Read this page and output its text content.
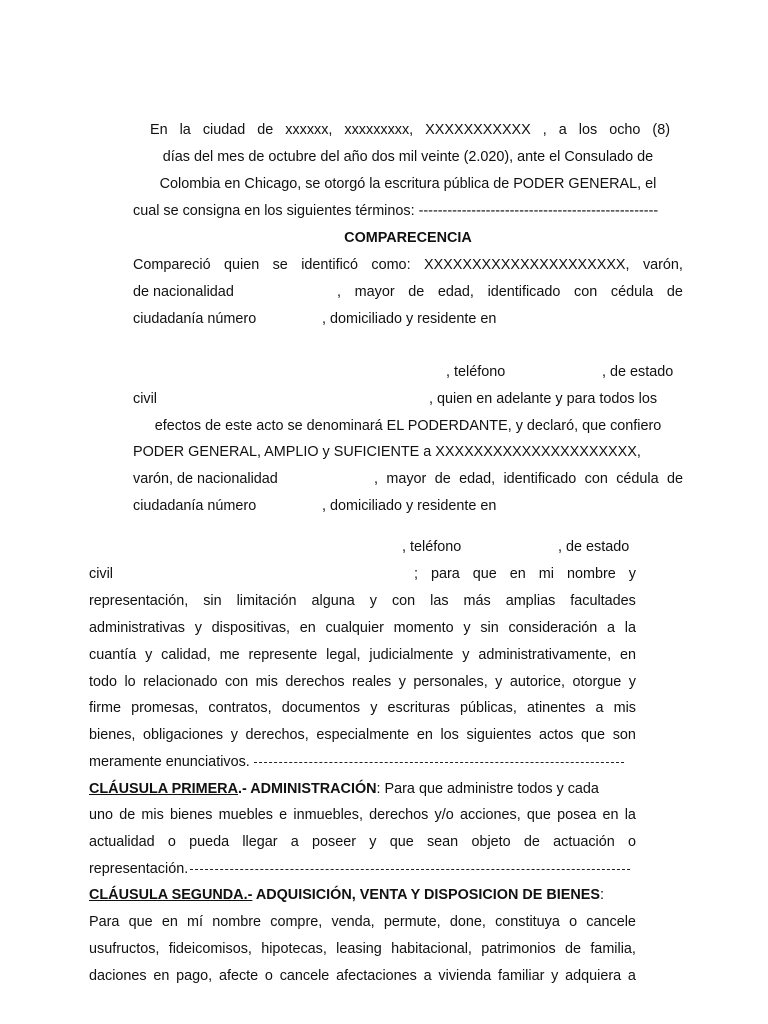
En la ciudad de xxxxxx, xxxxxxxxx, XXXXXXXXXXX , a los ocho (8)
días del mes de octubre del año dos mil veinte (2.020), ante el Consulado de
Colombia en Chicago, se otorgó la escritura pública de PODER GENERAL, el
cual se consigna en los siguientes términos: --------------------------------------------------
COMPARECENCIA
Compareció quien se identificó como: XXXXXXXXXXXXXXXXXXXXX, varón,
de nacionalidad	, mayor de edad, identificado con cédula de
ciudadanía número	, domiciliado y residente en
, teléfono	, de estado
civil	, quien en adelante y para todos los
efectos de este acto se denominará EL PODERDANTE, y declaró, que confiero
PODER GENERAL, AMPLIO y SUFICIENTE a XXXXXXXXXXXXXXXXXXXXX,
varón, de nacionalidad	, mayor de edad, identificado con cédula de
ciudadanía número	, domiciliado y residente en
, teléfono	, de estado
civil	; para que en mi nombre y
representación, sin limitación alguna y con las más amplias facultades
administrativas y dispositivas, en cualquier momento y sin consideración a la
cuantía y calidad, me represente legal, judicialmente y administrativamente, en
todo lo relacionado con mis derechos reales y personales, y autorice, otorgue y
firme promesas, contratos, documentos y escrituras públicas, atinentes a mis
bienes, obligaciones y derechos, especialmente en los siguientes actos que son
meramente enunciativos.
CLÁUSULA PRIMERA.- ADMINISTRACIÓN: Para que administre todos y cada
uno de mis bienes muebles e inmuebles, derechos y/o acciones, que posea en la
actualidad o pueda llegar a poseer y que sean objeto de actuación o
representación.
CLÁUSULA SEGUNDA.- ADQUISICIÓN, VENTA Y DISPOSICION DE BIENES:
Para que en mí nombre compre, venda, permute, done, constituya o cancele
usufructos, fideicomisos, hipotecas, leasing habitacional, patrimonios de familia,
daciones en pago, afecte o cancele afectaciones a vivienda familiar y adquiera a
